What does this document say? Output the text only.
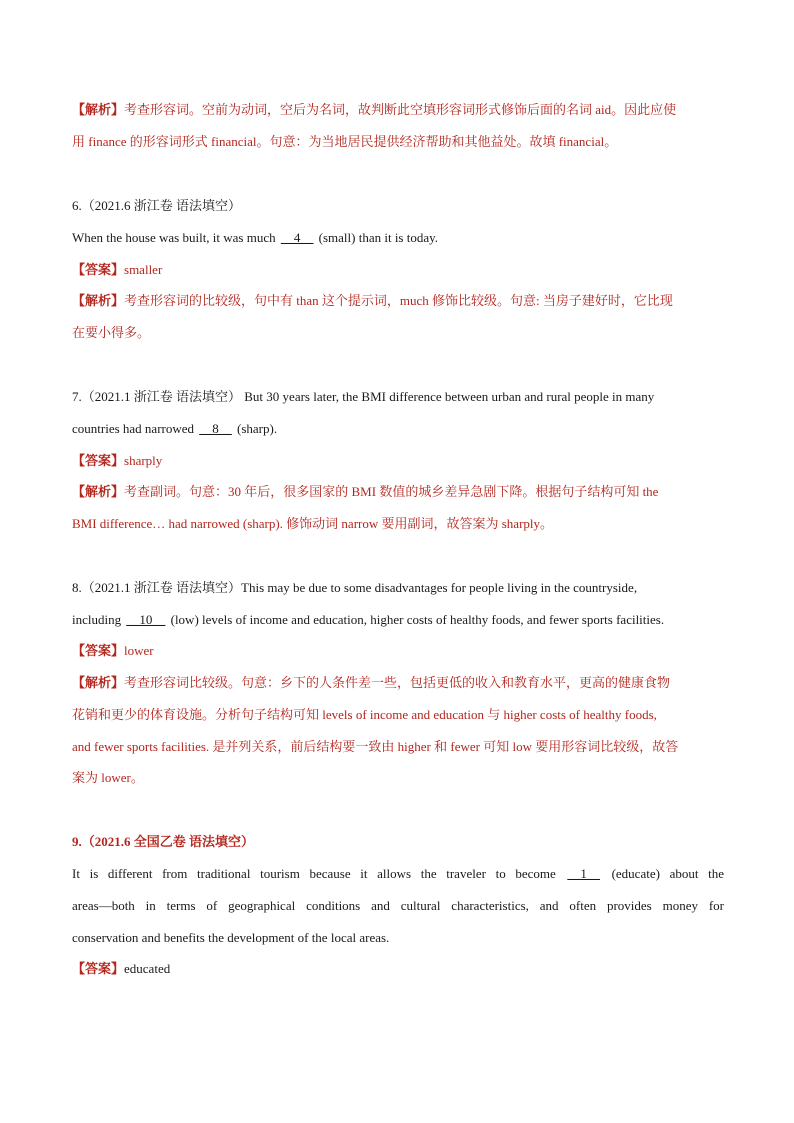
【解析】考查形容词。空前为动词，空后为名词，故判断此空填形容词形式修饰后面的名词 aid。因此应使
用 finance 的形容词形式 financial。句意：为当地居民提供经济帮助和其他益处。故填 financial。
6.（2021.6 浙江卷 语法填空）
When the house was built, it was much __4__ (small) than it is today.
【答案】smaller
【解析】考查形容词的比较级，句中有 than 这个提示词，much 修饰比较级。句意: 当房子建好时，它比现
在要小得多。
7.（2021.1 浙江卷 语法填空） But 30 years later, the BMI difference between urban and rural people in many
countries had narrowed __8__ (sharp).
【答案】sharply
【解析】考查副词。句意：30 年后，很多国家的 BMI 数值的城乡差异急剧下降。根据句子结构可知 the
BMI difference… had narrowed (sharp). 修饰动词 narrow 要用副词，故答案为 sharply。
8.（2021.1 浙江卷 语法填空）This may be due to some disadvantages for people living in the countryside,
including __10__ (low) levels of income and education, higher costs of healthy foods, and fewer sports facilities.
【答案】lower
【解析】考查形容词比较级。句意：乡下的人条件差一些，包括更低的收入和教育水平，更高的健康食物
花销和更少的体育设施。分析句子结构可知 levels of income and education 与 higher costs of healthy foods,
and fewer sports facilities. 是并列关系，前后结构要一致由 higher 和 fewer 可知 low 要用形容词比较级，故答
案为 lower。
9.（2021.6 全国乙卷 语法填空）
It is different from traditional tourism because it allows the traveler to become __1__ (educate) about the
areas—both in terms of geographical conditions and cultural characteristics, and often provides money for
conservation and benefits the development of the local areas.
【答案】educated
